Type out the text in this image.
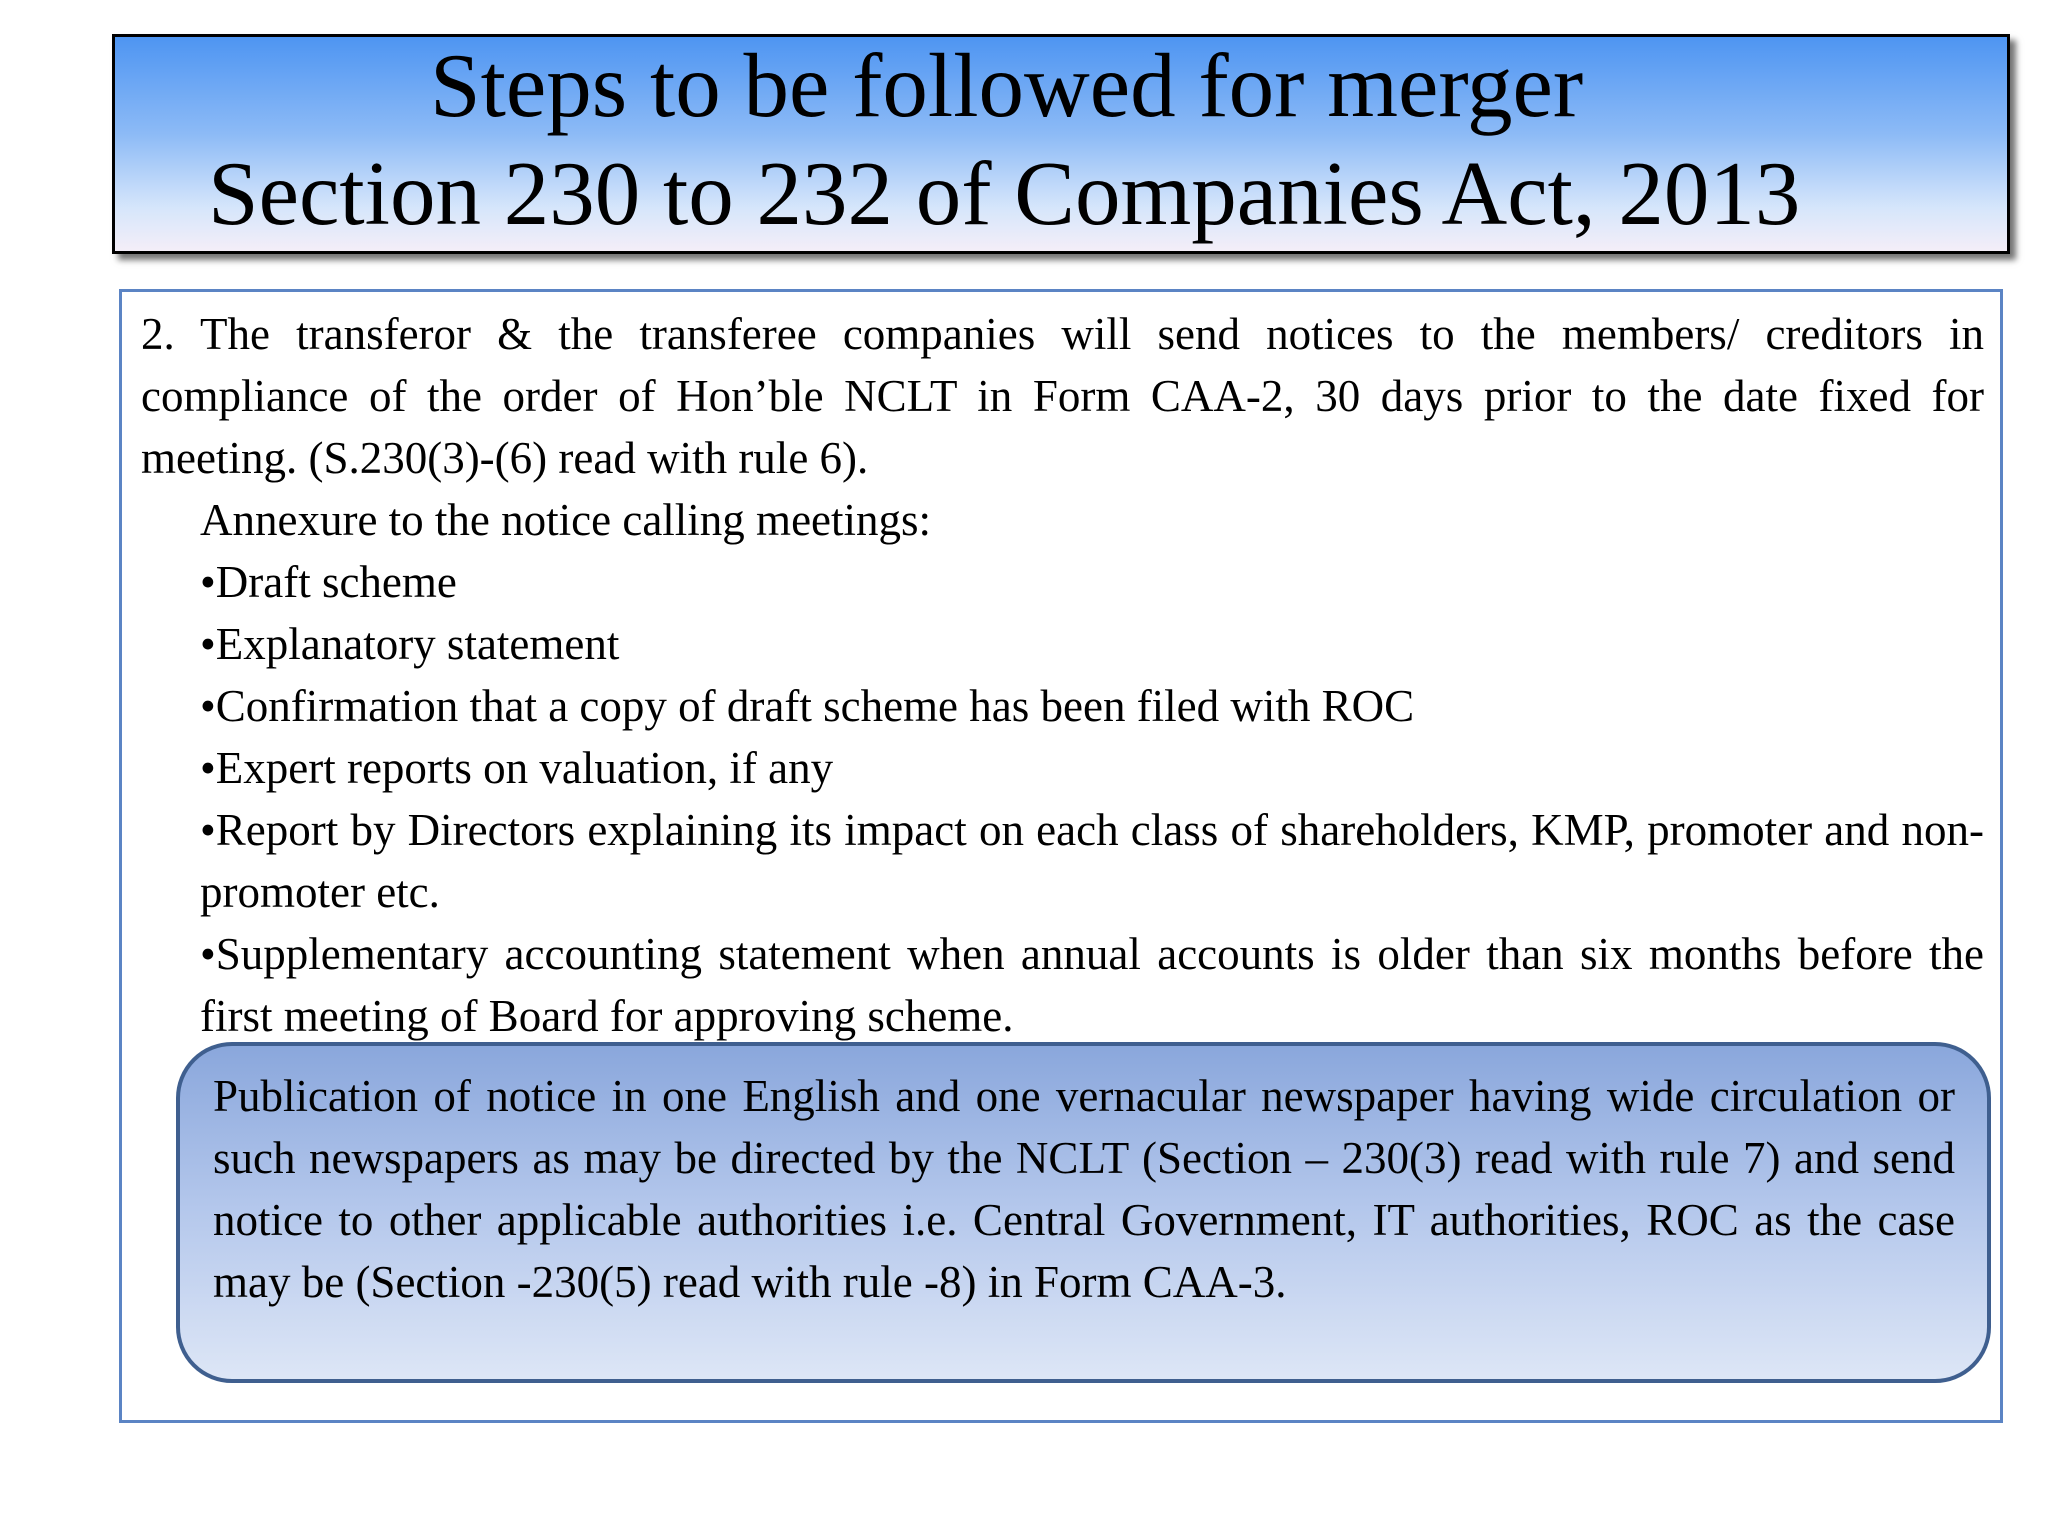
Steps to be followed for merger
Section 230 to 232 of Companies Act, 2013
2. The transferor & the transferee companies will send notices to the members/ creditors in compliance of the order of Hon’ble NCLT in Form CAA-2, 30 days prior to the date fixed for meeting. (S.230(3)-(6) read with rule 6).

Annexure to the notice calling meetings:

•Draft scheme

•Explanatory statement

•Confirmation that a copy of draft scheme has been filed with ROC

•Expert reports on valuation, if any

•Report by Directors explaining its impact on each class of shareholders, KMP, promoter and non-promoter etc.

•Supplementary accounting statement when annual accounts is older than six months before the first meeting of Board for approving scheme.

Publication of notice in one English and one vernacular newspaper having wide circulation or such newspapers as may be directed by the NCLT (Section – 230(3) read with rule 7) and send notice to other applicable authorities i.e. Central Government, IT authorities, ROC as the case may be (Section -230(5) read with rule -8) in Form CAA-3.
